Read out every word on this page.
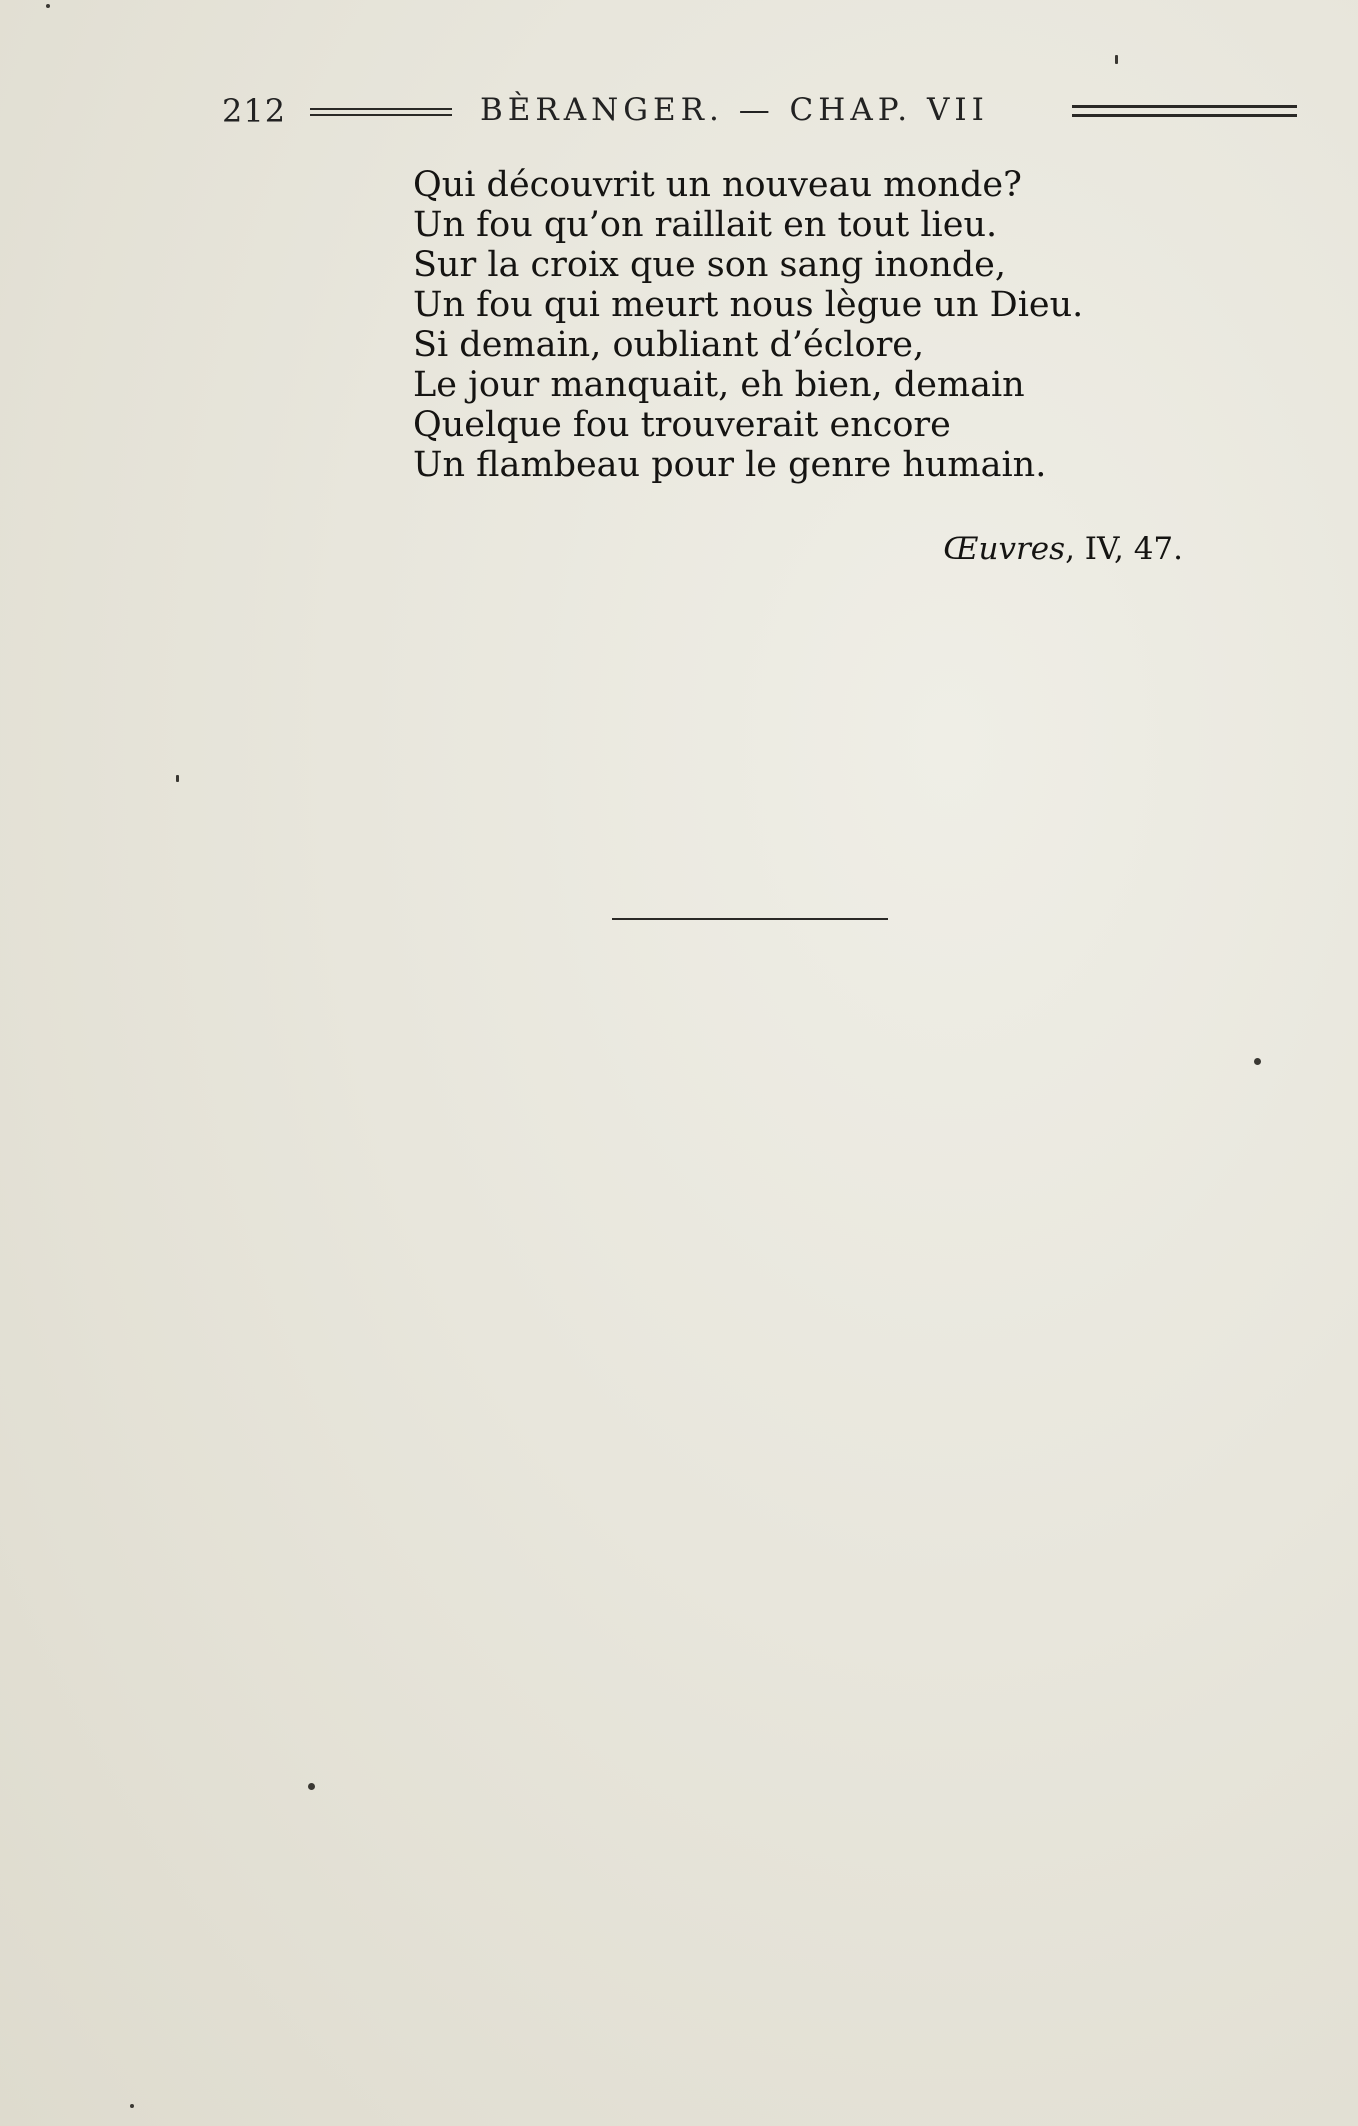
212	BÈRANGER. — CHAP. VII
Qui découvrit un nouveau monde?
Un fou qu’on raillait en tout lieu.
Sur la croix que son sang inonde,
Un fou qui meurt nous lègue un Dieu.
Si demain, oubliant d’éclore,
Le jour manquait, eh bien, demain
Quelque fou trouverait encore
Un flambeau pour le genre humain.
Œuvres, IV, 47.
